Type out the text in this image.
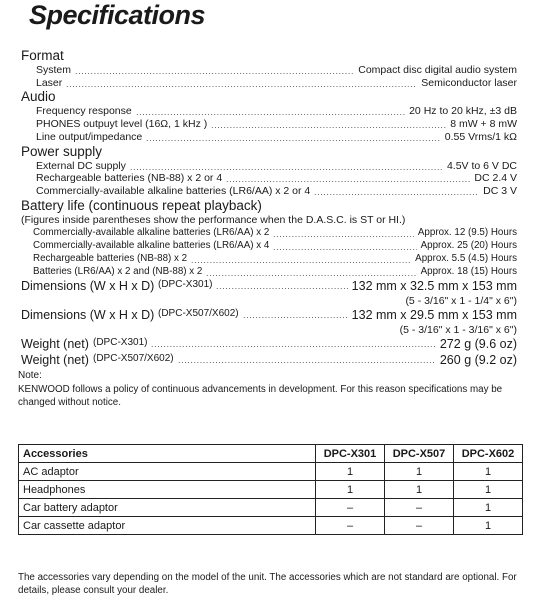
Specifications
Format
System	Compact disc digital audio system
.....
Laser	Semiconductor laser
.....
Audio
Frequency response	20 Hz to 20 kHz, ±3 dB
.....
PHONES outpuyt level (16Ω, 1 kHz )	8 mW + 8 mW
.....
Line output/impedance	0.55 Vrms/1 kΩ
.....
Power supply
External DC supply	4.5V to 6 V DC
.....
Rechargeable batteries (NB-88) x 2 or 4	DC 2.4 V
.....
Commercially-available alkaline batteries (LR6/AA) x 2 or 4	DC 3 V
.....
Battery life (continuous repeat playback)
(Figures inside parentheses show the performance when the D.A.S.C. is ST or HI.)
Commercially-available alkaline batteries (LR6/AA) x 2	Approx. 12 (9.5) Hours
.....
Commercially-available alkaline batteries (LR6/AA) x 4	Approx. 25 (20) Hours
.....
Rechargeable batteries (NB-88) x 2	Approx. 5.5 (4.5) Hours
.....
Batteries (LR6/AA) x 2 and (NB-88) x 2	Approx. 18 (15) Hours
.....
Dimensions (W x H x D) (DPC-X301)	132 mm x 32.5 mm x 153 mm
.....
(5 - 3/16" x 1 - 1/4" x 6")
Dimensions (W x H x D) (DPC-X507/X602)	132 mm x 29.5 mm x 153 mm
.....
(5 - 3/16" x 1 - 3/16" x 6")
Weight (net) (DPC-X301)	272 g (9.6 oz)
.....
Weight (net) (DPC-X507/X602)	260 g (9.2 oz)
.....
Note:
KENWOOD follows a policy of continuous advancements in development. For this reason specifications may be changed without notice.
Accessories	DPC-X301	DPC-X507	DPC-X602
AC adaptor	1	1	1
Headphones	1	1	1
Car battery adaptor	–	–	1
Car cassette adaptor	–	–	1
The accessories vary depending on the model of the unit. The accessories which are not standard are optional. For details, please consult your dealer.
